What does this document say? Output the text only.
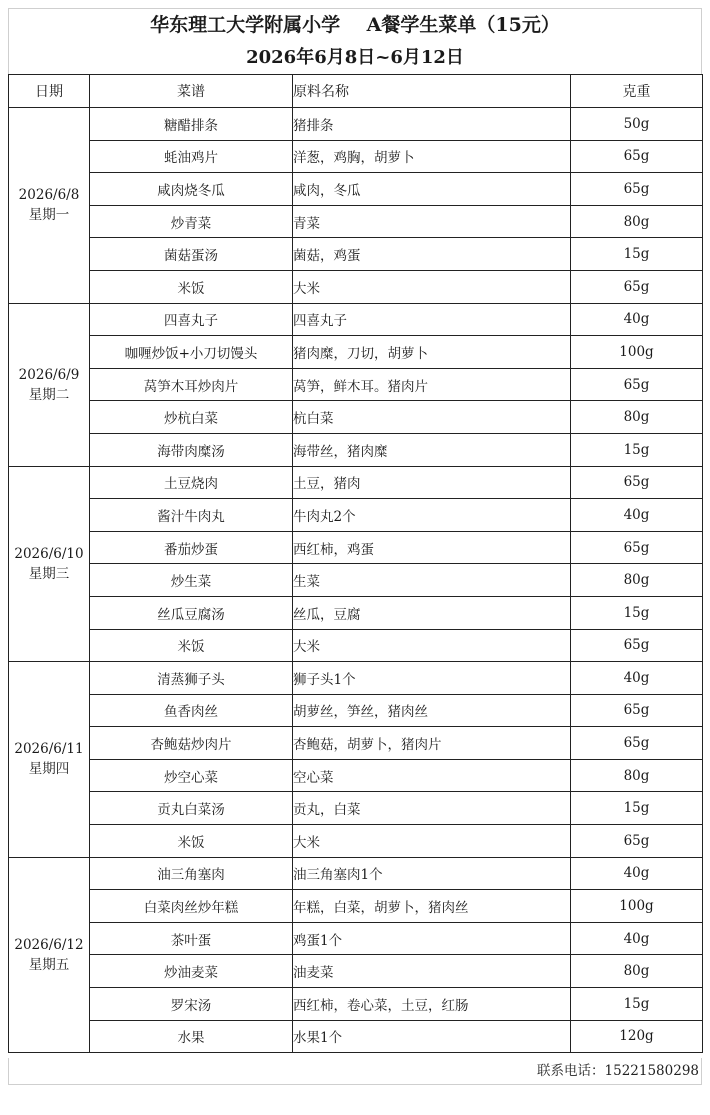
华东理工大学附属小学    A餐学生菜单（15元）
2026年6月8日~6月12日
日期	菜谱	原料名称	克重

2026/6/8
星期一	糖醋排条	猪排条	50g
	蚝油鸡片	洋葱，鸡胸，胡萝卜	65g
	咸肉烧冬瓜	咸肉，冬瓜	65g
	炒青菜	青菜	80g
	菌菇蛋汤	菌菇，鸡蛋	15g
	米饭	大米	65g

2026/6/9
星期二	四喜丸子	四喜丸子	40g
	咖喱炒饭+小刀切馒头	猪肉糜，刀切，胡萝卜	100g
	莴笋木耳炒肉片	莴笋，鲜木耳。猪肉片	65g
	炒杭白菜	杭白菜	80g
	海带肉糜汤	海带丝，猪肉糜	15g

2026/6/10
星期三	土豆烧肉	土豆，猪肉	65g
	酱汁牛肉丸	牛肉丸2个	40g
	番茄炒蛋	西红柿，鸡蛋	65g
	炒生菜	生菜	80g
	丝瓜豆腐汤	丝瓜，豆腐	15g
	米饭	大米	65g

2026/6/11
星期四	清蒸狮子头	狮子头1个	40g
	鱼香肉丝	胡萝丝，笋丝，猪肉丝	65g
	杏鲍菇炒肉片	杏鲍菇，胡萝卜，猪肉片	65g
	炒空心菜	空心菜	80g
	贡丸白菜汤	贡丸，白菜	15g
	米饭	大米	65g

2026/6/12
星期五	油三角塞肉	油三角塞肉1个	40g
	白菜肉丝炒年糕	年糕，白菜，胡萝卜，猪肉丝	100g
	茶叶蛋	鸡蛋1个	40g
	炒油麦菜	油麦菜	80g
	罗宋汤	西红柿，卷心菜，土豆，红肠	15g
	水果	水果1个	120g
联系电话：15221580298
